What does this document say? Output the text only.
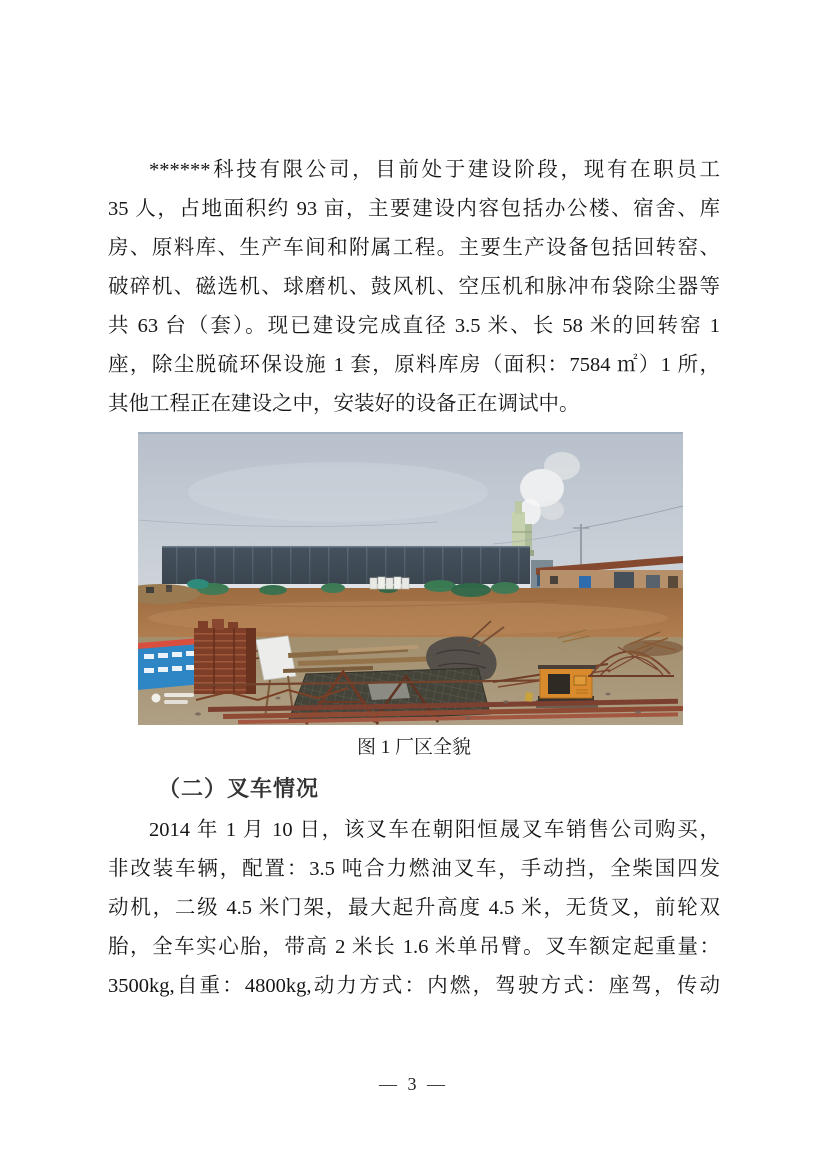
******科技有限公司，目前处于建设阶段，现有在职员工
35 人，占地面积约 93 亩，主要建设内容包括办公楼、宿舍、库
房、原料库、生产车间和附属工程。主要生产设备包括回转窑、
破碎机、磁选机、球磨机、鼓风机、空压机和脉冲布袋除尘器等
共 63 台（套）。现已建设完成直径 3.5 米、长 58 米的回转窑 1
座，除尘脱硫环保设施 1 套，原料库房（面积：7584 ㎡）1 所，
其他工程正在建设之中，安装好的设备正在调试中。
图 1 厂区全貌
（二）叉车情况
2014 年 1 月 10 日，该叉车在朝阳恒晟叉车销售公司购买，
非改装车辆，配置：3.5 吨合力燃油叉车，手动挡，全柴国四发
动机，二级 4.5 米门架，最大起升高度 4.5 米，无货叉，前轮双
胎，全车实心胎，带高 2 米长 1.6 米单吊臂。叉车额定起重量：
3500kg,自重：4800kg,动力方式：内燃，驾驶方式：座驾，传动
— 3 —
